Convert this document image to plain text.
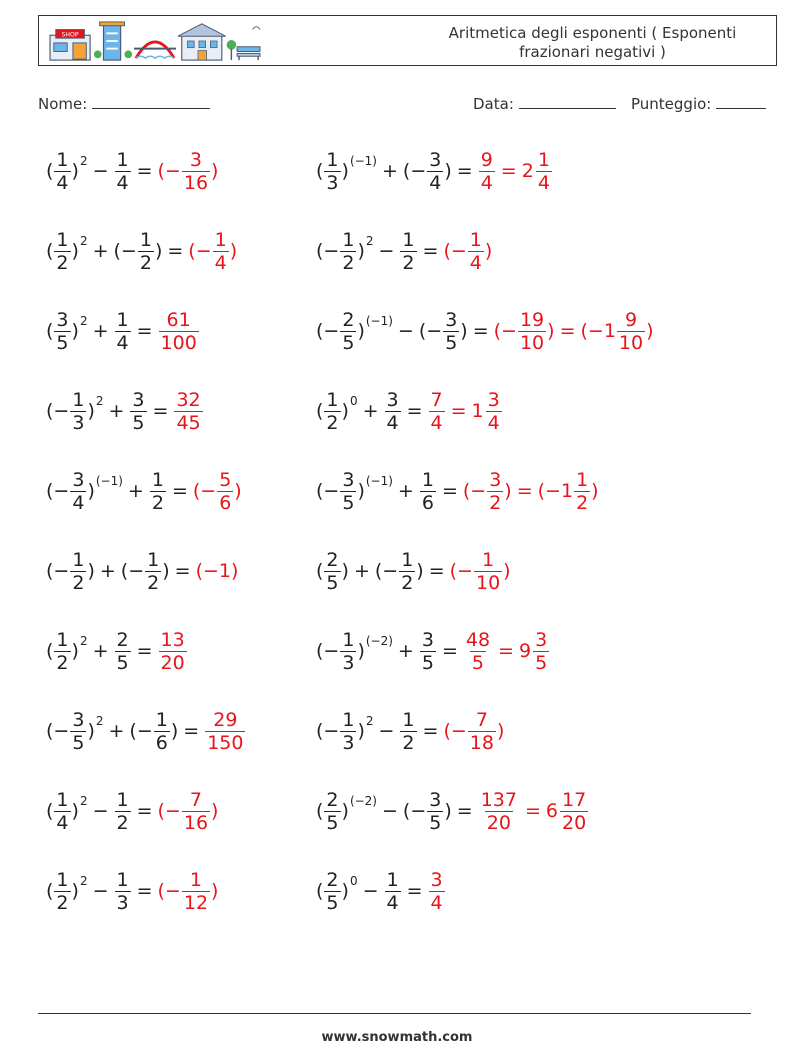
SHOP	Aritmetica degli esponenti ( Esponenti
frazionari negativi )
Nome:	Data:	Punteggio:
( $\frac{1}{4}$ ) $2 - \frac{1}{4}$ = (− $\frac{3}{16}$ )	( $\frac{1}{3}$ ) (−1) + (− $\frac{3}{4}$ ) = $\frac{9}{4} = 2 \frac{1}{4}$
( $\frac{1}{2}$ ) 2 + (− $\frac{1}{2}$ ) = (− $\frac{1}{4}$ )	(− $\frac{1}{2}$ ) $2 - \frac{1}{2}$ = (− $\frac{1}{4}$ )
( $\frac{3}{5}$ ) $2 + \frac{1}{4} = \frac{61}{100}$	(− $\frac{2}{5}$ ) (−1) − (− $\frac{3}{5}$ ) = (− $\frac{19}{10}$ ) = ($-1 \frac{9}{10}$ )
(− $\frac{1}{3}$ ) $2 + \frac{3}{5} = \frac{32}{45}$	( $\frac{1}{2}$ ) $0 + \frac{3}{4} = \frac{7}{4} = 1 \frac{3}{4}$
(− $\frac{3}{4}$ ) $(-1) + \frac{1}{2}$ = (− $\frac{5}{6}$ )	(− $\frac{3}{5}$ ) $(-1) + \frac{1}{6}$ = (− $\frac{3}{2}$ ) = ($-1 \frac{1}{2}$ )
(− $\frac{1}{2}$ ) + (− $\frac{1}{2}$ ) = (−1)	( $\frac{2}{5}$ ) + (− $\frac{1}{2}$ ) = (− $\frac{1}{10}$ )
( $\frac{1}{2}$ ) $2 + \frac{2}{5} = \frac{13}{20}$	(− $\frac{1}{3}$ ) $(-2) + \frac{3}{5} = \frac{48}{5} = 9 \frac{3}{5}$
(− $\frac{3}{5}$ ) 2 + (− $\frac{1}{6}$ ) = $\frac{29}{150}$	(− $\frac{1}{3}$ ) $2 - \frac{1}{2}$ = (− $\frac{7}{18}$ )
( $\frac{1}{4}$ ) $2 - \frac{1}{2}$ = (− $\frac{7}{16}$ )	( $\frac{2}{5}$ ) (−2) − (− $\frac{3}{5}$ ) = $\frac{137}{20} = 6 \frac{17}{20}$
( $\frac{1}{2}$ ) $2 - \frac{1}{3}$ = (− $\frac{1}{12}$ )	( $\frac{2}{5}$ ) $0 - \frac{1}{4} = \frac{3}{4}$
www.snowmath.com
